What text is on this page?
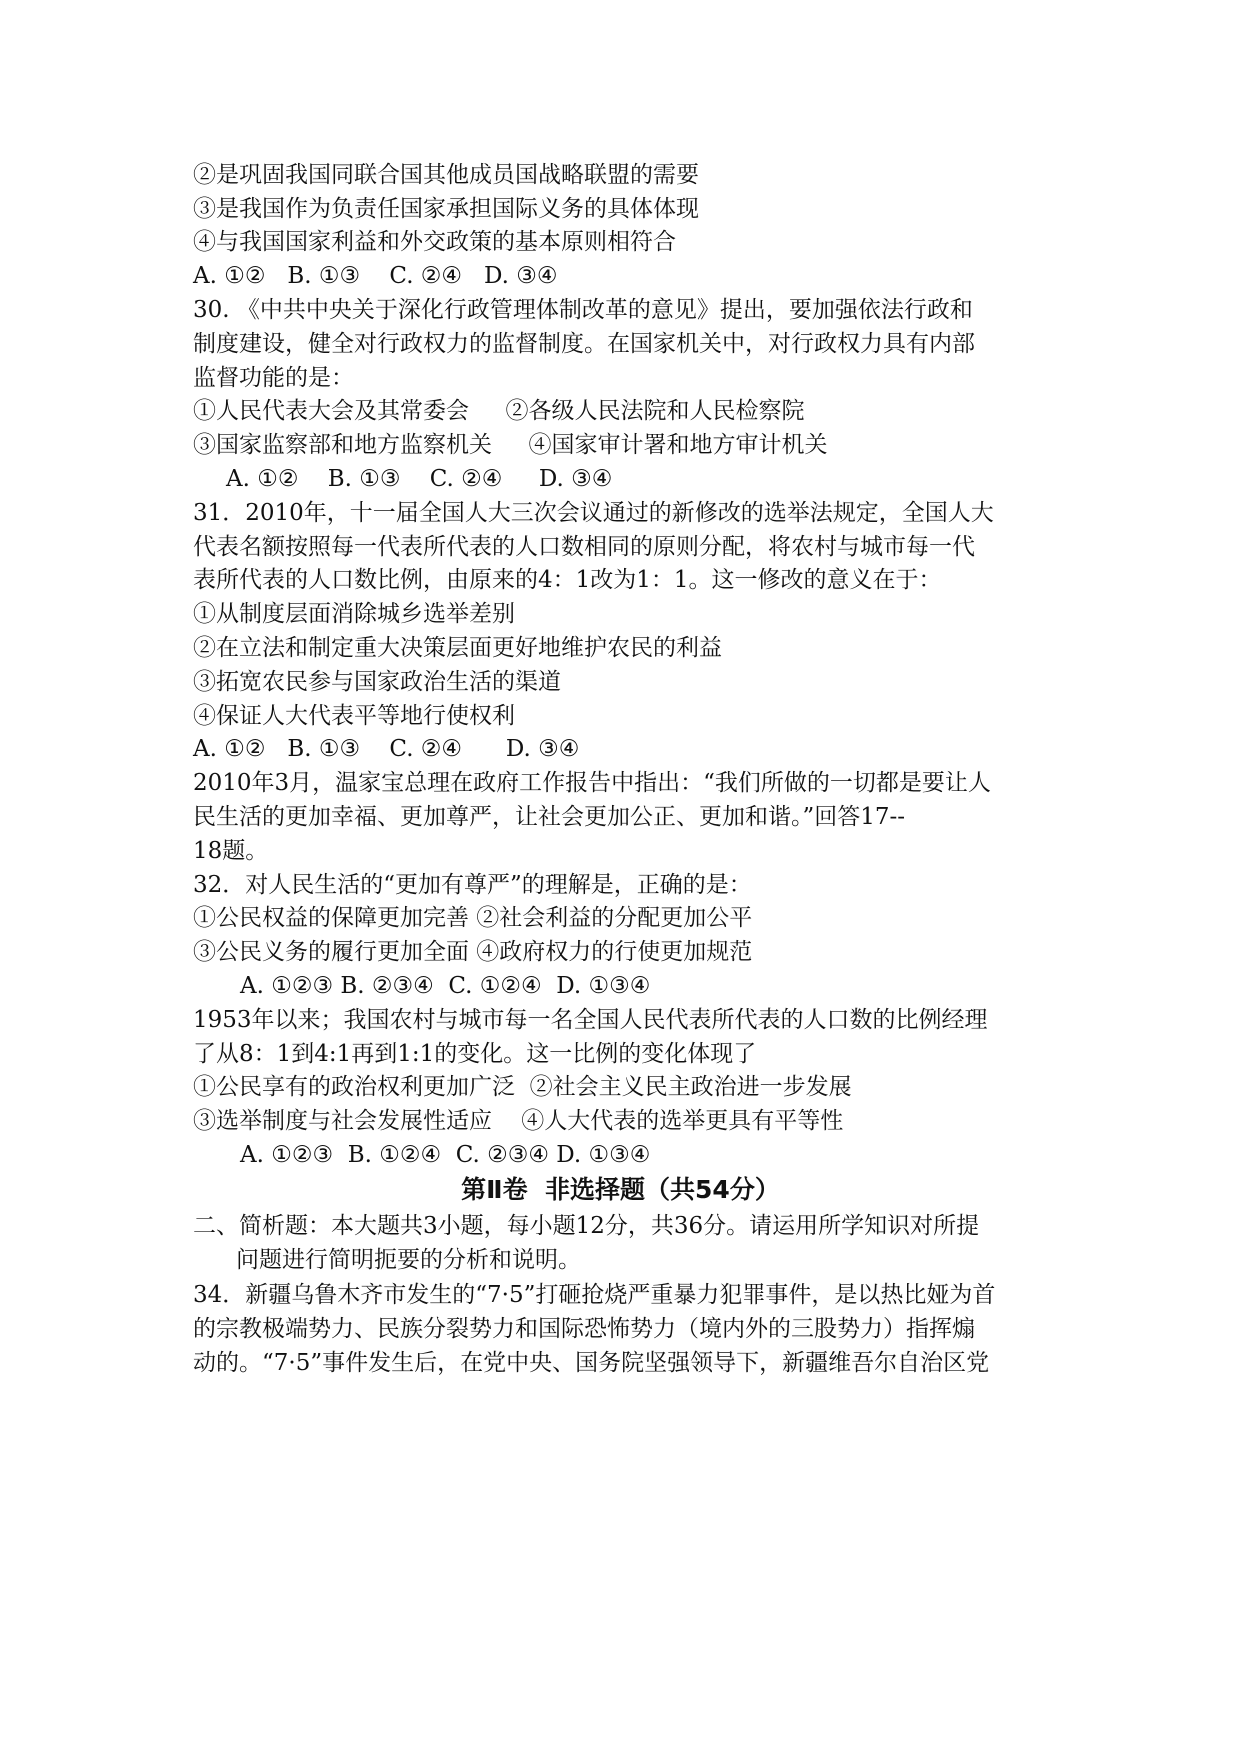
②是巩固我国同联合国其他成员国战略联盟的需要
③是我国作为负责任国家承担国际义务的具体体现
④与我国国家利益和外交政策的基本原则相符合
A. ①②   B. ①③    C. ②④   D. ③④
30. 《中共中央关于深化行政管理体制改革的意见》提出，要加强依法行政和
制度建设，健全对行政权力的监督制度。在国家机关中，对行政权力具有内部
监督功能的是：
①人民代表大会及其常委会     ②各级人民法院和人民检察院
③国家监察部和地方监察机关     ④国家审计署和地方审计机关
A. ①②    B. ①③    C. ②④     D. ③④
31．2010年，十一届全国人大三次会议通过的新修改的选举法规定，全国人大
代表名额按照每一代表所代表的人口数相同的原则分配，将农村与城市每一代
表所代表的人口数比例，由原来的4：1改为1：1。这一修改的意义在于：
①从制度层面消除城乡选举差别
②在立法和制定重大决策层面更好地维护农民的利益
③拓宽农民参与国家政治生活的渠道
④保证人大代表平等地行使权利
A. ①②   B. ①③    C. ②④      D. ③④
2010年3月，温家宝总理在政府工作报告中指出：“我们所做的一切都是要让人
民生活的更加幸福、更加尊严，让社会更加公正、更加和谐。”回答17--
18题。
32．对人民生活的“更加有尊严”的理解是，正确的是：
①公民权益的保障更加完善 ②社会利益的分配更加公平
③公民义务的履行更加全面 ④政府权力的行使更加规范
A. ①②③ B. ②③④  C. ①②④  D. ①③④
1953年以来；我国农村与城市每一名全国人民代表所代表的人口数的比例经理
了从8：1到4:1再到1:1的变化。这一比例的变化体现了
①公民享有的政治权利更加广泛  ②社会主义民主政治进一步发展
③选举制度与社会发展性适应    ④人大代表的选举更具有平等性
A. ①②③  B. ①②④  C. ②③④ D. ①③④
第Ⅱ卷  非选择题（共54分）
二、简析题：本大题共3小题，每小题12分，共36分。请运用所学知识对所提
问题进行简明扼要的分析和说明。
34．新疆乌鲁木齐市发生的“7·5”打砸抢烧严重暴力犯罪事件，是以热比娅为首
的宗教极端势力、民族分裂势力和国际恐怖势力（境内外的三股势力）指挥煽
动的。“7·5”事件发生后，在党中央、国务院坚强领导下，新疆维吾尔自治区党
